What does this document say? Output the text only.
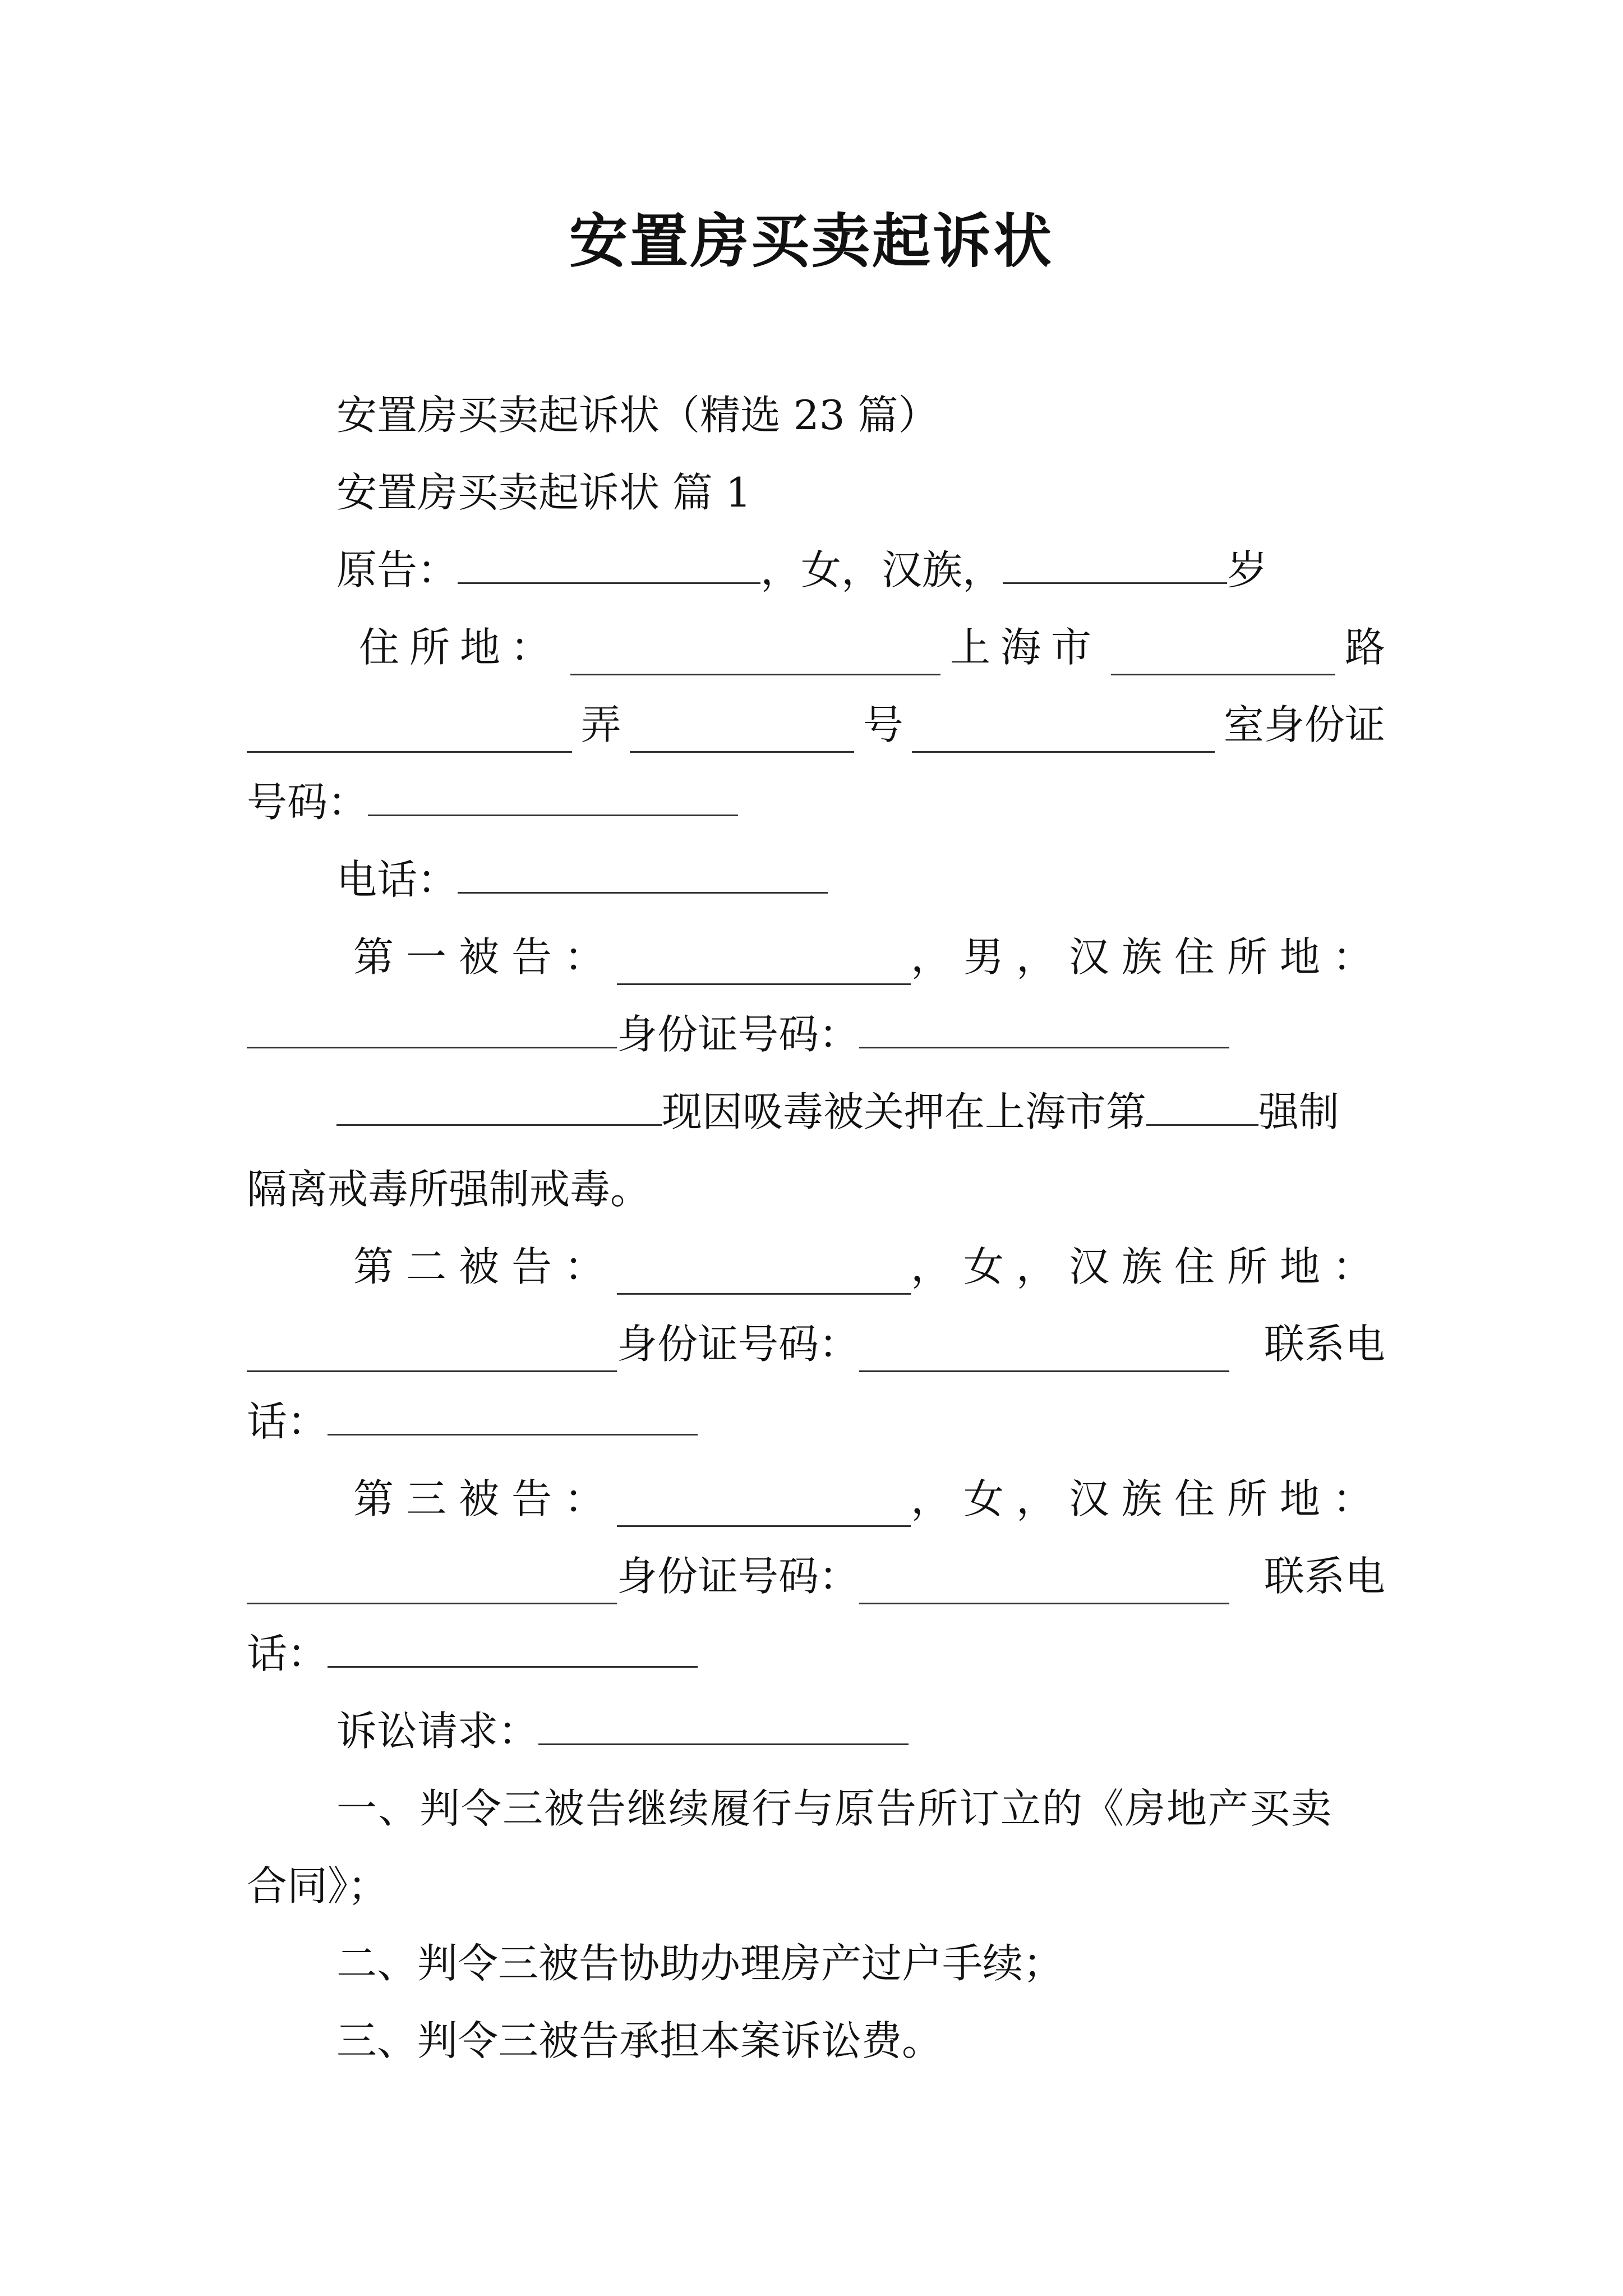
安置房买卖起诉状
安置房买卖起诉状（精选 23 篇）
安置房买卖起诉状 篇 1
原告：	，女，汉族，	岁
住所地：	上海市	路
弄	号	室身份证
号码：
电话：
第一被告：	，男，汉族住所地：
身份证号码：
现因吸毒被关押在上海市第	强制
隔离戒毒所强制戒毒。
第二被告：	，女，汉族住所地：
身份证号码：	联系电
话：
第三被告：	，女，汉族住所地：
身份证号码：	联系电
话：
诉讼请求：
一、判令三被告继续履行与原告所订立的《房地产买卖
合同》；
二、判令三被告协助办理房产过户手续；
三、判令三被告承担本案诉讼费。
